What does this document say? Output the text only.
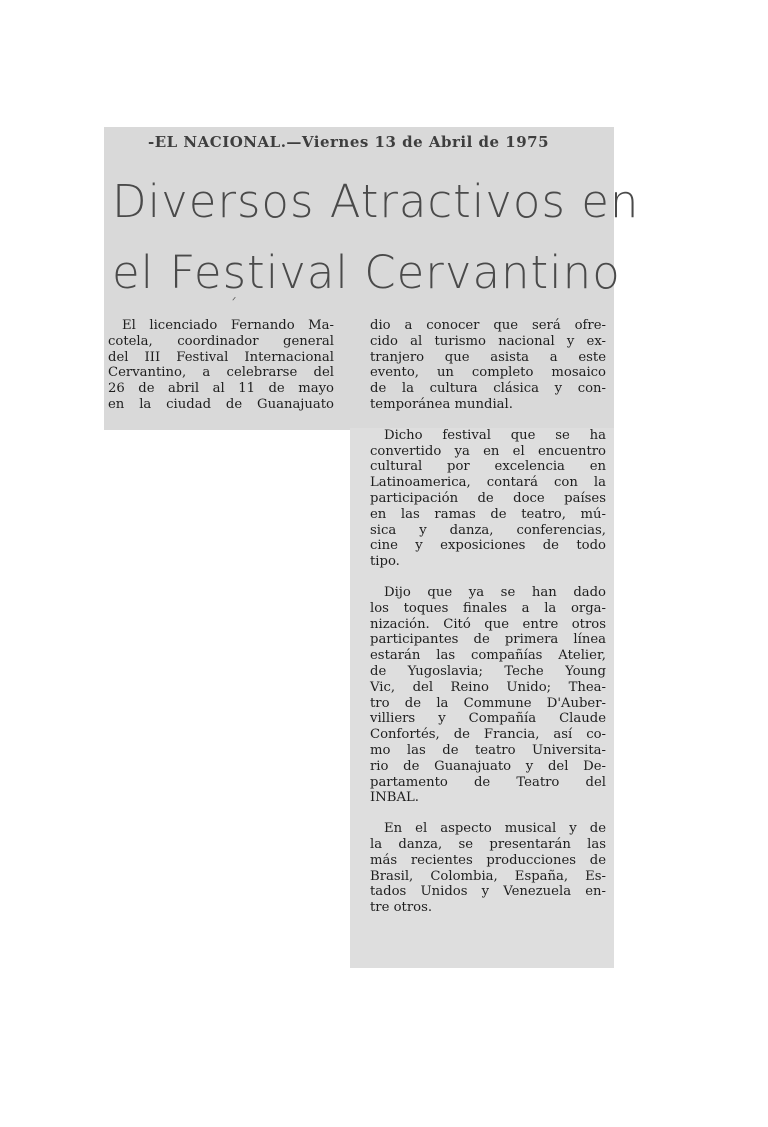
-EL NACIONAL.—Viernes 13 de Abril de 1975
Diversos Atractivos en
el Festival Cervantino
ᐟ
El licenciado Fernando Ma-
cotela, coordinador general
del III Festival Internacional
Cervantino, a celebrarse del
26 de abril al 11 de mayo
en la ciudad de Guanajuato
dio a conocer que será ofre-
cido al turismo nacional y ex-
tranjero que asista a este
evento, un completo mosaico
de la cultura clásica y con-
temporánea mundial.
Dicho festival que se ha
convertido ya en el encuentro
cultural por excelencia en
Latinoamerica, contará con la
participación de doce países
en las ramas de teatro, mú-
sica y danza, conferencias,
cine y exposiciones de todo
tipo.
Dijo que ya se han dado
los toques finales a la orga-
nización. Citó que entre otros
participantes de primera línea
estarán las compañías Atelier,
de Yugoslavia; Teche Young
Vic, del Reino Unido; Thea-
tro de la Commune D'Auber-
villiers y Compañía Claude
Confortés, de Francia, así co-
mo las de teatro Universita-
rio de Guanajuato y del De-
partamento de Teatro del
INBAL.
En el aspecto musical y de
la danza, se presentarán las
más recientes producciones de
Brasil, Colombia, España, Es-
tados Unidos y Venezuela en-
tre otros.
